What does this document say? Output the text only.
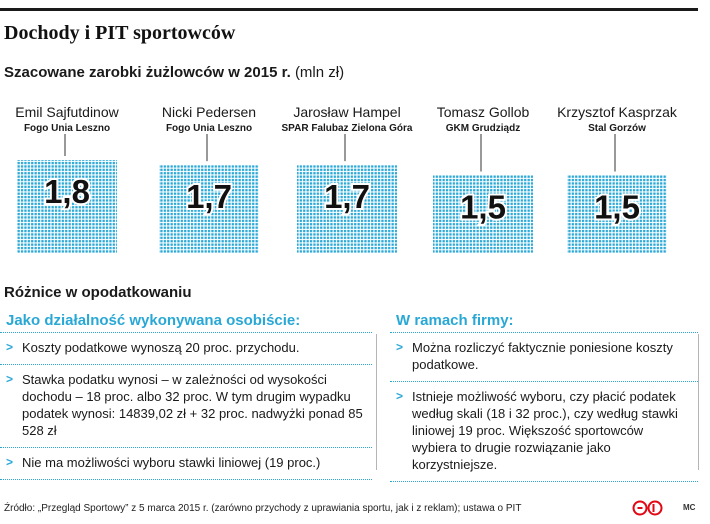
Dochody i PIT sportowców
Szacowane zarobki żużlowców w 2015 r. (mln zł)
1,8
Emil Sajfutdinow
Fogo Unia Leszno
1,7
Nicki Pedersen
Fogo Unia Leszno
1,7
Jarosław Hampel
SPAR Falubaz Zielona Góra
1,5
Tomasz Gollob
GKM Grudziądz
1,5
Krzysztof Kasprzak
Stal Gorzów
Różnice w opodatkowaniu
Jako działalność wykonywana osobiście:
> Koszty podatkowe wynoszą 20 proc. przychodu.
> Stawka podatku wynosi – w zależności od wysokości dochodu – 18 proc. albo 32 proc. W tym drugim wypadku podatek wynosi: 14839,02 zł + 32 proc. nadwyżki ponad 85 528 zł
> Nie ma możliwości wyboru stawki liniowej (19 proc.)
W ramach firmy:
> Można rozliczyć faktycznie poniesione koszty podatkowe.
> Istnieje możliwość wyboru, czy płacić podatek według skali (18 i 32 proc.), czy według stawki liniowej 19 proc. Większość sportowców wybiera to drugie rozwiązanie jako korzystniejsze.
Źródło: „Przegląd Sportowy” z 5 marca 2015 r. (zarówno przychody z uprawiania sportu, jak i z reklam); ustawa o PIT	MC
